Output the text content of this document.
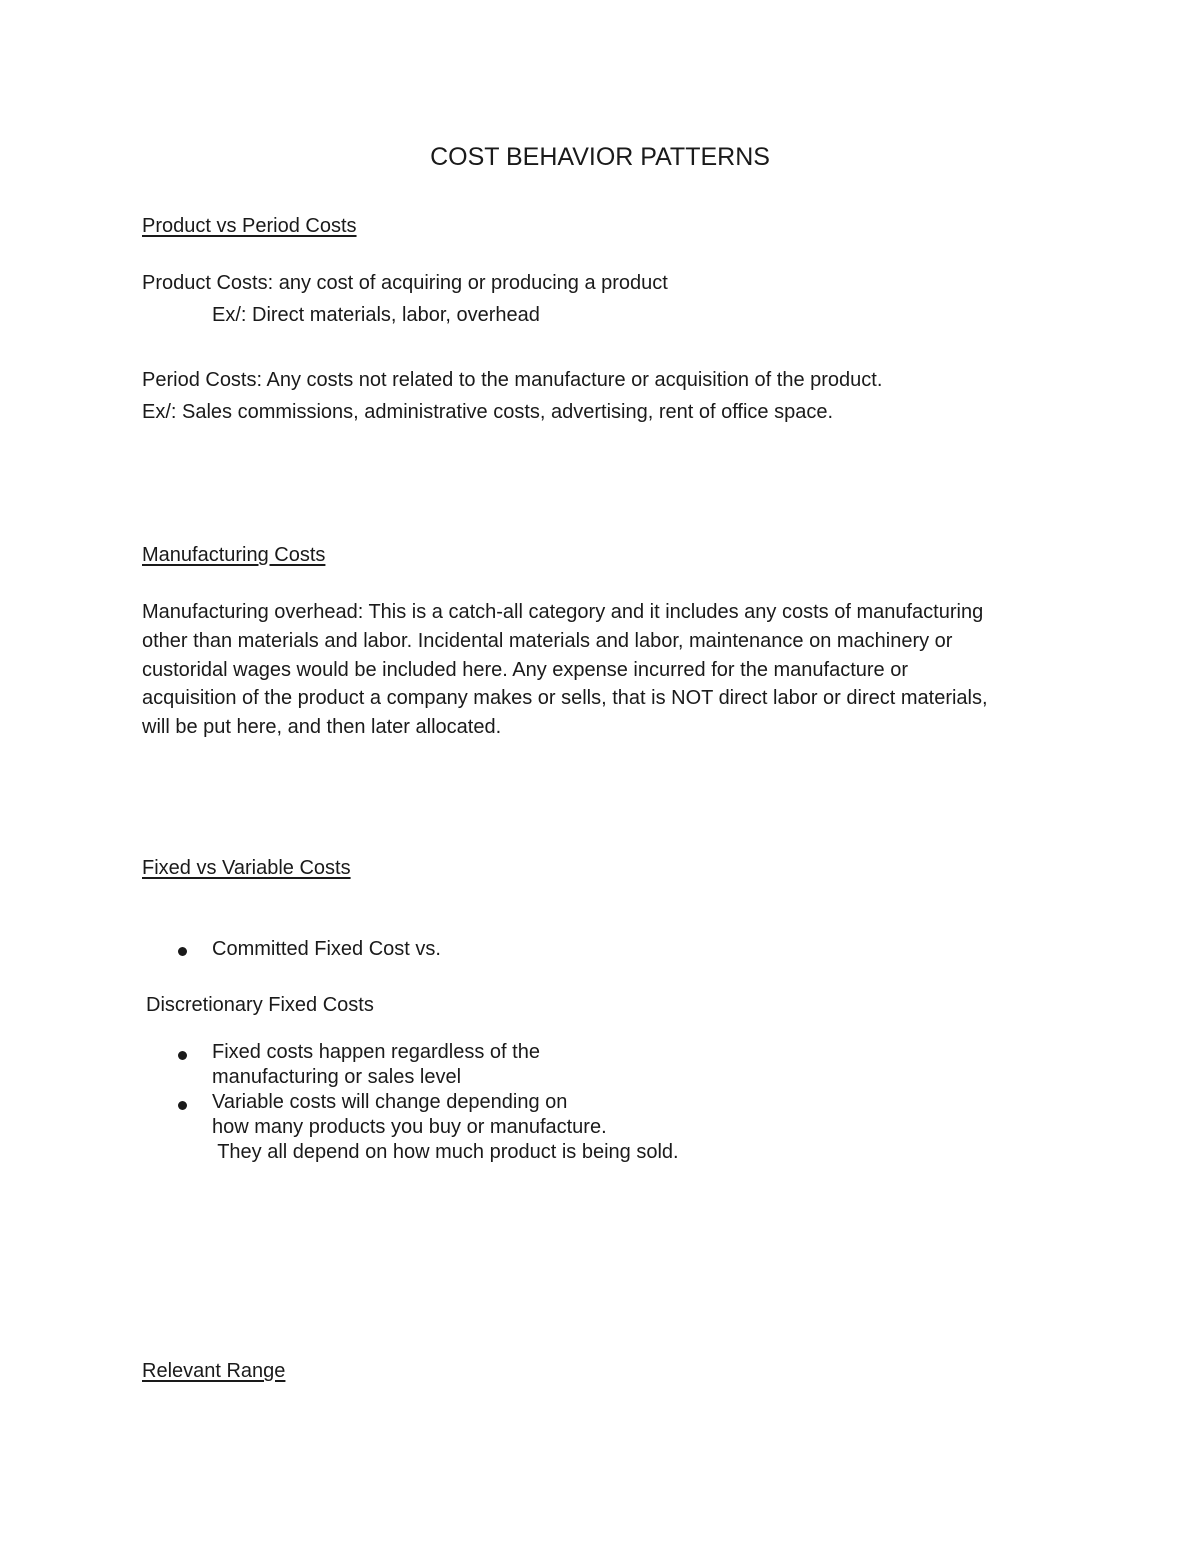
COST BEHAVIOR PATTERNS
Product vs Period Costs
Product Costs: any cost of acquiring or producing a product
Ex/: Direct materials, labor, overhead
Period Costs: Any costs not related to the manufacture or acquisition of the product.
Ex/: Sales commissions, administrative costs, advertising, rent of office space.
Manufacturing Costs
Manufacturing overhead: This is a catch-all category and it includes any costs of manufacturing
other than materials and labor. Incidental materials and labor, maintenance on machinery or
custoridal wages would be included here. Any expense incurred for the manufacture or
acquisition of the product a company makes or sells, that is NOT direct labor or direct materials,
will be put here, and then later allocated.
Fixed vs Variable Costs
Committed Fixed Cost vs.
Discretionary Fixed Costs
Fixed costs happen regardless of the
manufacturing or sales level
Variable costs will change depending on
how many products you buy or manufacture.
They all depend on how much product is being sold.
Relevant Range
